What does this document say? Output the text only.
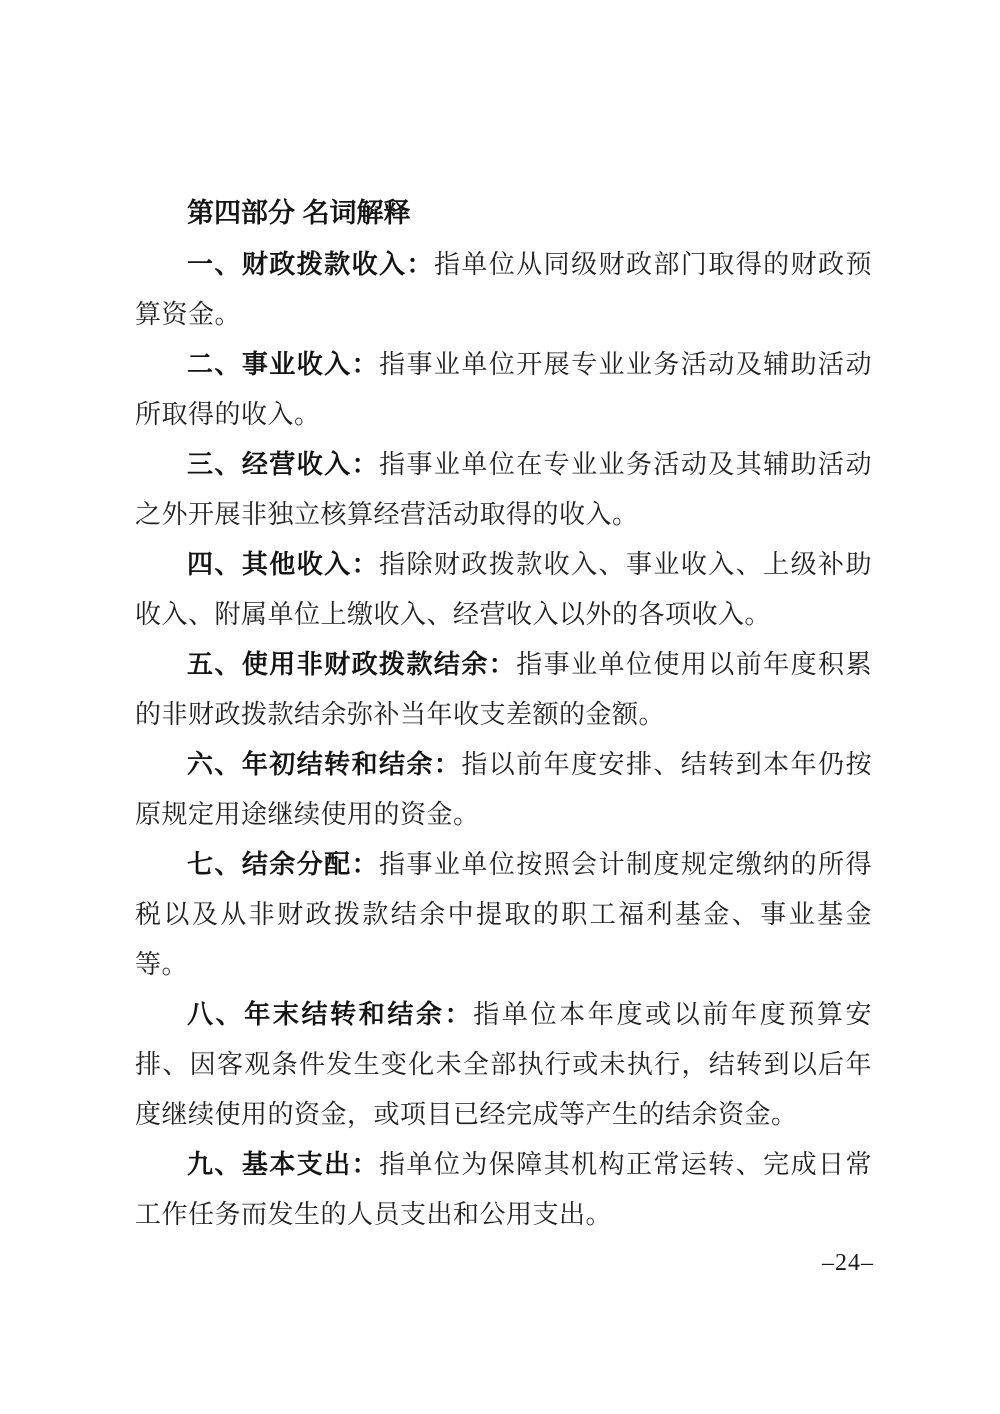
第四部分 名词解释

一、财政拨款收入：指单位从同级财政部门取得的财政预算资金。

二、事业收入：指事业单位开展专业业务活动及辅助活动所取得的收入。

三、经营收入：指事业单位在专业业务活动及其辅助活动之外开展非独立核算经营活动取得的收入。

四、其他收入：指除财政拨款收入、事业收入、上级补助收入、附属单位上缴收入、经营收入以外的各项收入。

五、使用非财政拨款结余：指事业单位使用以前年度积累的非财政拨款结余弥补当年收支差额的金额。

六、年初结转和结余：指以前年度安排、结转到本年仍按原规定用途继续使用的资金。

七、结余分配：指事业单位按照会计制度规定缴纳的所得税以及从非财政拨款结余中提取的职工福利基金、事业基金等。

八、年末结转和结余：指单位本年度或以前年度预算安排、因客观条件发生变化未全部执行或未执行，结转到以后年度继续使用的资金，或项目已经完成等产生的结余资金。

九、基本支出：指单位为保障其机构正常运转、完成日常工作任务而发生的人员支出和公用支出。

–24–
